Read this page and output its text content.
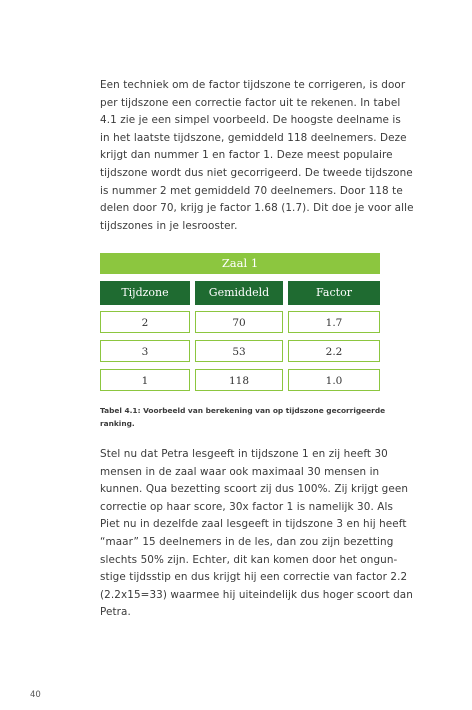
Een techniek om de factor tijdszone te corrigeren, is door

per tijdszone een correctie factor uit te rekenen. In tabel

4.1 zie je een simpel voorbeeld. De hoogste deelname is

in het laatste tijdszone, gemiddeld 118 deelnemers. Deze

krijgt dan nummer 1 en factor 1. Deze meest populaire

tijdszone wordt dus niet gecorrigeerd. De tweede tijdszone

is nummer 2 met gemiddeld 70 deelnemers. Door 118 te

delen door 70, krijg je factor 1.68 (1.7). Dit doe je voor alle

tijdszones in je lesrooster.

Zaal 1
Tijdzone	Gemiddeld	Factor
2	70	1.7
3	53	2.2
1	118	1.0
Tabel 4.1: Voorbeeld van berekening van op tijdszone gecorrigeerde
ranking.

Stel nu dat Petra lesgeeft in tijdszone 1 en zij heeft 30

mensen in de zaal waar ook maximaal 30 mensen in

kunnen. Qua bezetting scoort zij dus 100%. Zij krijgt geen

correctie op haar score, 30x factor 1 is namelijk 30. Als

Piet nu in dezelfde zaal lesgeeft in tijdszone 3 en hij heeft

“maar” 15 deelnemers in de les, dan zou zijn bezetting

slechts 50% zijn. Echter, dit kan komen door het ongun-

stige tijdsstip en dus krijgt hij een correctie van factor 2.2

(2.2x15=33) waarmee hij uiteindelijk dus hoger scoort dan

Petra.

40
